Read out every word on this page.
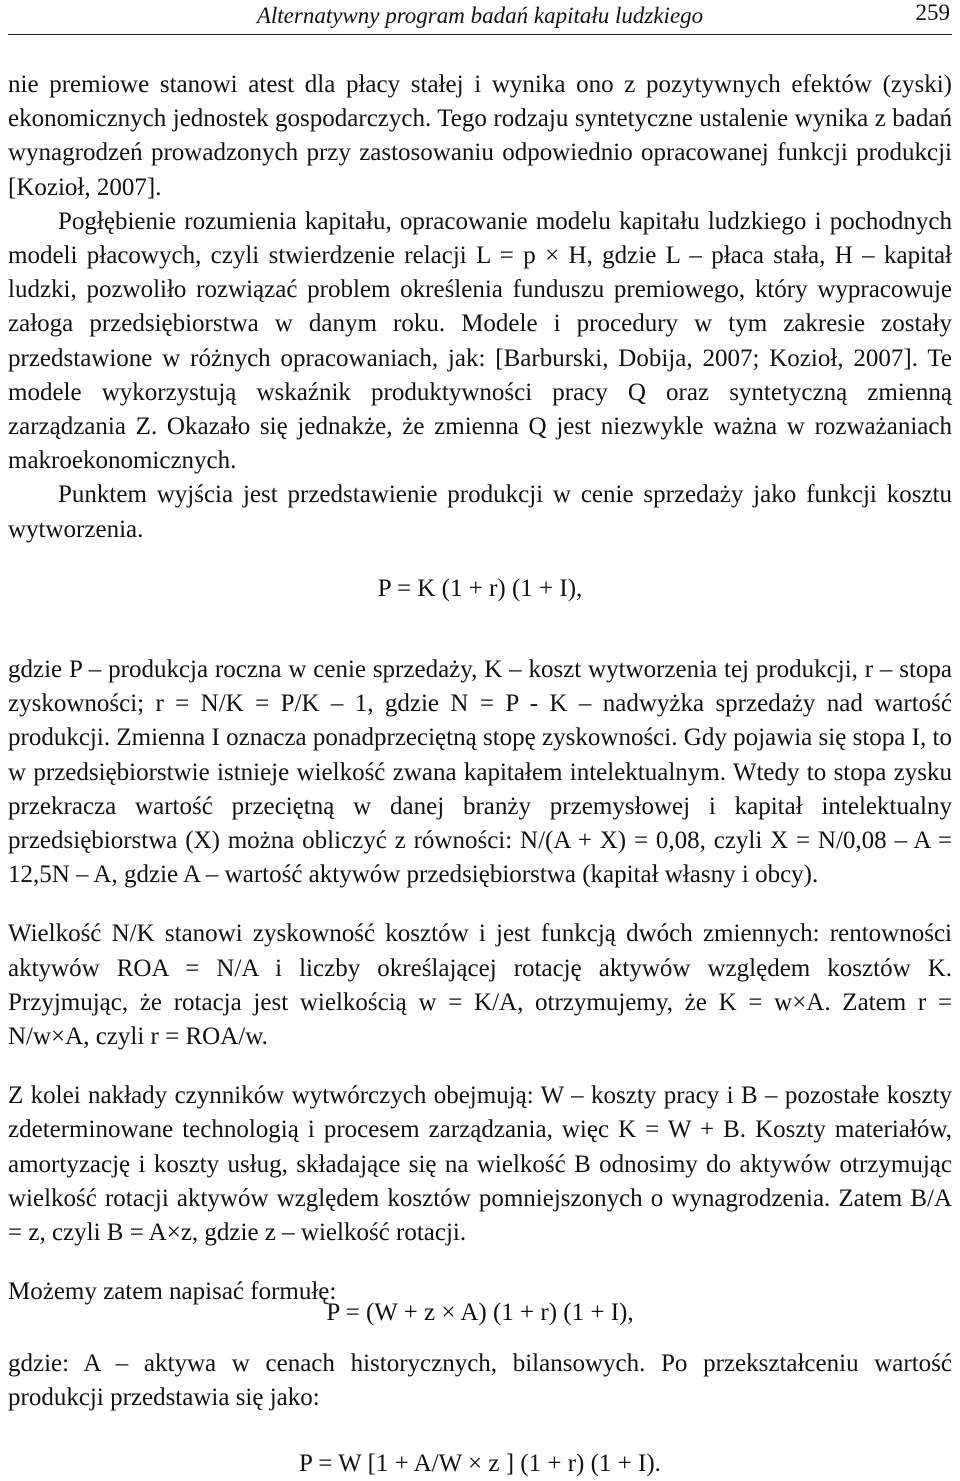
Alternatywny program badań kapitału ludzkiego	259

nie premiowe stanowi atest dla płacy stałej i wynika ono z pozytywnych efektów (zyski) ekonomicznych jednostek gospodarczych. Tego rodzaju syntetyczne ustalenie wynika z badań wynagrodzeń prowadzonych przy zastosowaniu odpowiednio opracowanej funkcji produkcji [Kozioł, 2007].

Pogłębienie rozumienia kapitału, opracowanie modelu kapitału ludzkiego i pochodnych modeli płacowych, czyli stwierdzenie relacji L = p × H, gdzie L – płaca stała, H – kapitał ludzki, pozwoliło rozwiązać problem określenia funduszu premiowego, który wypracowuje załoga przedsiębiorstwa w danym roku. Modele i procedury w tym zakresie zostały przedstawione w różnych opracowaniach, jak: [Barburski, Dobija, 2007; Kozioł, 2007]. Te modele wykorzystują wskaźnik produktywności pracy Q oraz syntetyczną zmienną zarządzania Z. Okazało się jednakże, że zmienna Q jest niezwykle ważna w rozważaniach makroekonomicznych.

Punktem wyjścia jest przedstawienie produkcji w cenie sprzedaży jako funkcji kosztu wytworzenia.

P = K (1 + r) (1 + I),

gdzie P – produkcja roczna w cenie sprzedaży, K – koszt wytworzenia tej produkcji, r – stopa zyskowności; r = N/K = P/K – 1, gdzie N = P - K – nadwyżka sprzedaży nad wartość produkcji. Zmienna I oznacza ponadprzeciętną stopę zyskowności. Gdy pojawia się stopa I, to w przedsiębiorstwie istnieje wielkość zwana kapitałem intelektualnym. Wtedy to stopa zysku przekracza wartość przeciętną w danej branży przemysłowej i kapitał intelektualny przedsiębiorstwa (X) można obliczyć z równości: N/(A + X) = 0,08, czyli X = N/0,08 – A = 12,5N – A, gdzie A – wartość aktywów przedsiębiorstwa (kapitał własny i obcy).

Wielkość N/K stanowi zyskowność kosztów i jest funkcją dwóch zmiennych: rentowności aktywów ROA = N/A i liczby określającej rotację aktywów względem kosztów K. Przyjmując, że rotacja jest wielkością w = K/A, otrzymujemy, że K = w×A. Zatem r = N/w×A, czyli r = ROA/w.

Z kolei nakłady czynników wytwórczych obejmują: W – koszty pracy i B – pozostałe koszty zdeterminowane technologią i procesem zarządzania, więc K = W + B. Koszty materiałów, amortyzację i koszty usług, składające się na wielkość B odnosimy do aktywów otrzymując wielkość rotacji aktywów względem kosztów pomniejszonych o wynagrodzenia. Zatem B/A = z, czyli B = A×z, gdzie z – wielkość rotacji.

Możemy zatem napisać formułę:

P = (W + z × A) (1 + r) (1 + I),

gdzie: A – aktywa w cenach historycznych, bilansowych. Po przekształceniu wartość produkcji przedstawia się jako:

P = W [1 + A/W × z ] (1 + r) (1 + I).
